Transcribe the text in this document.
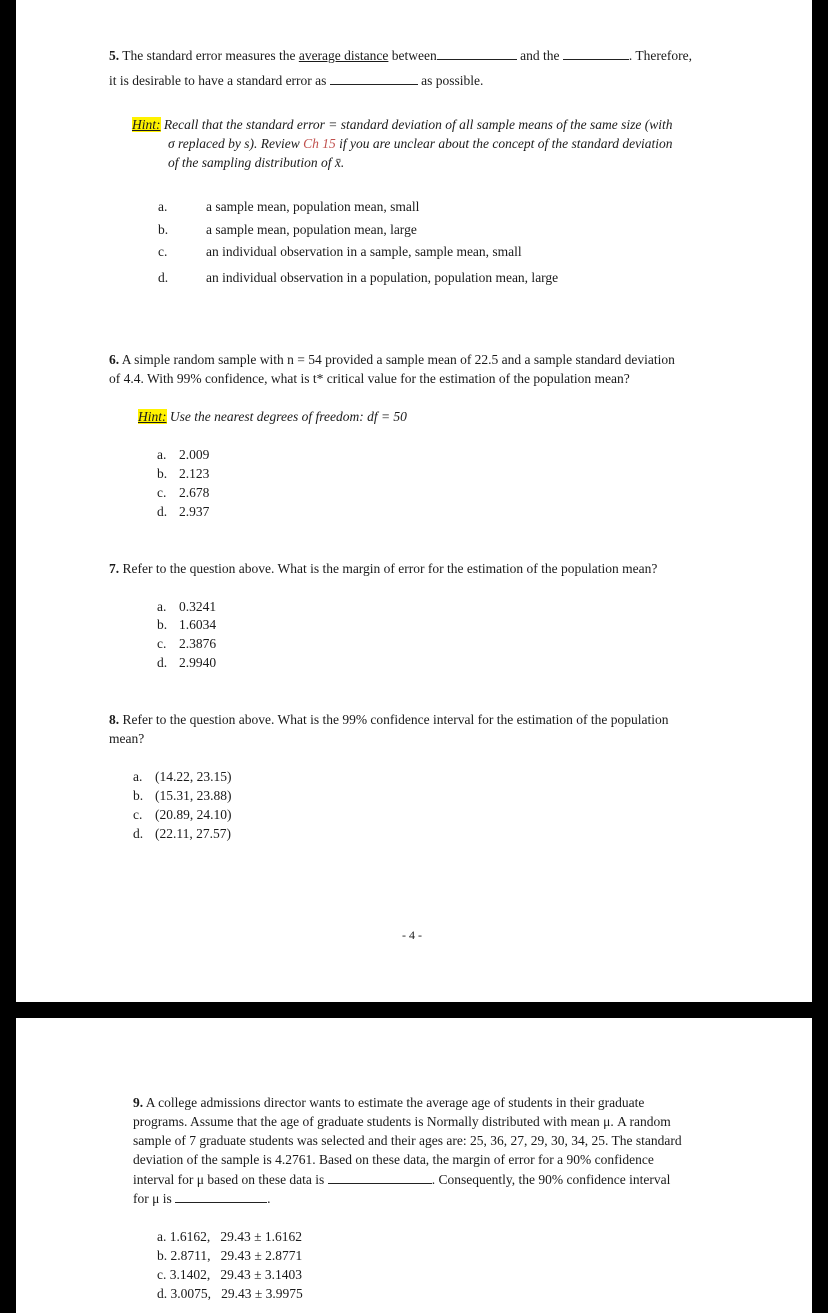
5. The standard error measures the average distance between	and the	. Therefore,
it is desirable to have a standard error as	as possible.
Hint: Recall that the standard error = standard deviation of all sample means of the same size (with
σ replaced by s). Review Ch 15 if you are unclear about the concept of the standard deviation
of the sampling distribution of x̄.
a.	a sample mean, population mean, small
b.	a sample mean, population mean, large
c.	an individual observation in a sample, sample mean, small
d.	an individual observation in a population, population mean, large
6. A simple random sample with n = 54 provided a sample mean of 22.5 and a sample standard deviation
of 4.4. With 99% confidence, what is t* critical value for the estimation of the population mean?
Hint: Use the nearest degrees of freedom: df = 50
a. 2.009
b. 2.123
c. 2.678
d. 2.937
7. Refer to the question above. What is the margin of error for the estimation of the population mean?
a. 0.3241
b. 1.6034
c. 2.3876
d. 2.9940
8. Refer to the question above. What is the 99% confidence interval for the estimation of the population
mean?
a. (14.22, 23.15)
b. (15.31, 23.88)
c. (20.89, 24.10)
d. (22.11, 27.57)
- 4 -
9. A college admissions director wants to estimate the average age of students in their graduate
programs. Assume that the age of graduate students is Normally distributed with mean μ. A random
sample of 7 graduate students was selected and their ages are: 25, 36, 27, 29, 30, 34, 25. The standard
deviation of the sample is 4.2761. Based on these data, the margin of error for a 90% confidence
interval for μ based on these data is	. Consequently, the 90% confidence interval
for μ is	.
a. 1.6162,   29.43 ± 1.6162
b. 2.8711,   29.43 ± 2.8771
c. 3.1402,   29.43 ± 3.1403
d. 3.0075,   29.43 ± 3.9975
